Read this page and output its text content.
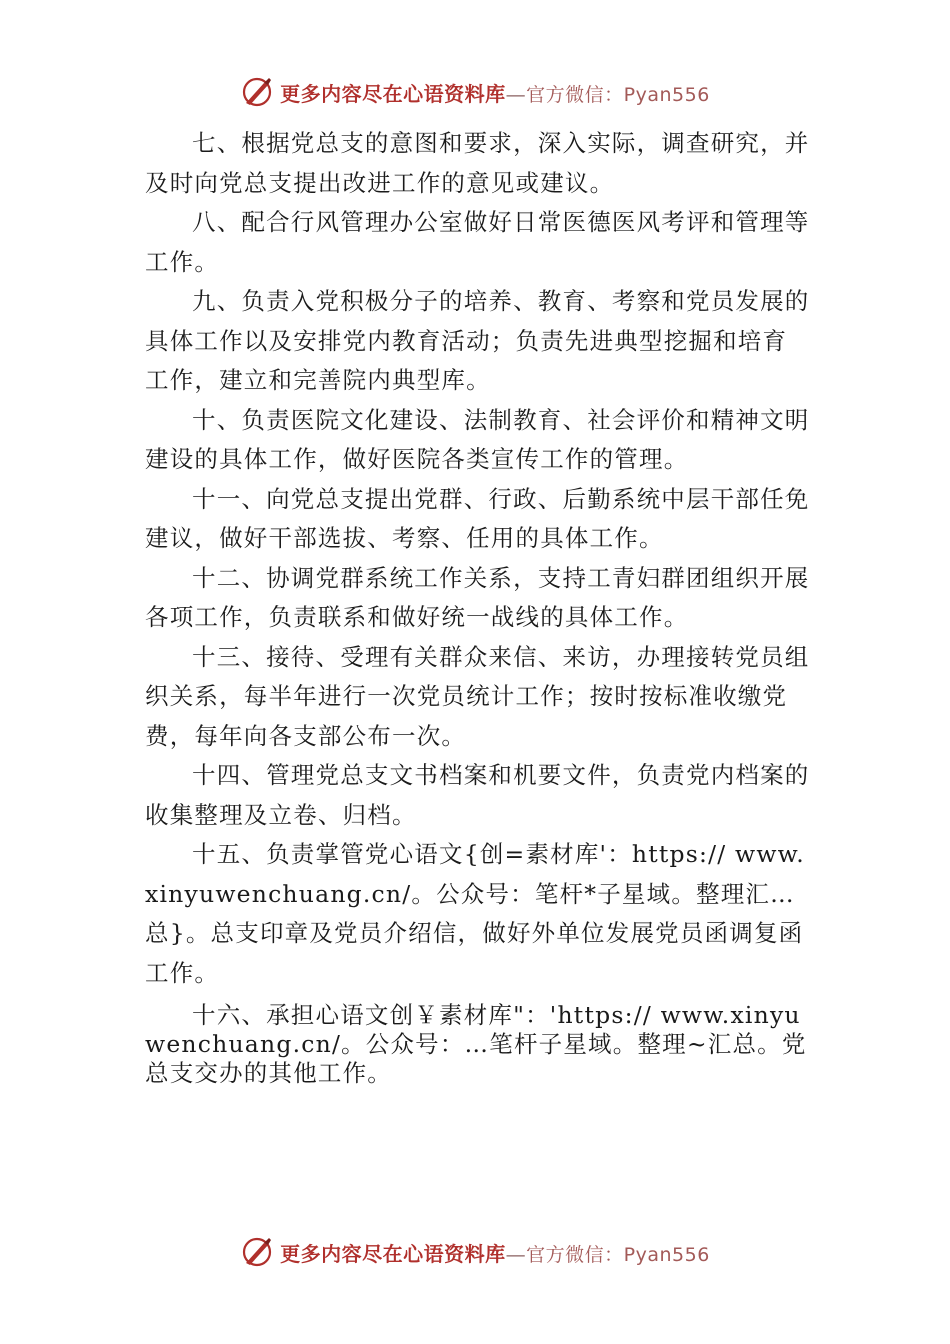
更多内容尽在心语资料库—官方微信：Pyan556

七、根据党总支的意图和要求，深入实际，调查研究，并及时向党总支提出改进工作的意见或建议。

八、配合行风管理办公室做好日常医德医风考评和管理等工作。

九、负责入党积极分子的培养、教育、考察和党员发展的具体工作以及安排党内教育活动；负责先进典型挖掘和培育工作，建立和完善院内典型库。

十、负责医院文化建设、法制教育、社会评价和精神文明建设的具体工作，做好医院各类宣传工作的管理。

十一、向党总支提出党群、行政、后勤系统中层干部任免建议，做好干部选拔、考察、任用的具体工作。

十二、协调党群系统工作关系，支持工青妇群团组织开展各项工作，负责联系和做好统一战线的具体工作。

十三、接待、受理有关群众来信、来访，办理接转党员组织关系，每半年进行一次党员统计工作；按时按标准收缴党费，每年向各支部公布一次。

十四、管理党总支文书档案和机要文件，负责党内档案的收集整理及立卷、归档。

十五、负责掌管党心语文{创=素材库'：https:// www.xinyuwenchuang.cn/。公众号：笔杆*子星域。整理汇…总}。总支印章及党员介绍信，做好外单位发展党员函调复函工作。

十六、承担心语文创￥素材库"：'https:// www.xinyuwenchuang.cn/。公众号：…笔杆子星域。整理~汇总。党总支交办的其他工作。

更多内容尽在心语资料库—官方微信：Pyan556
